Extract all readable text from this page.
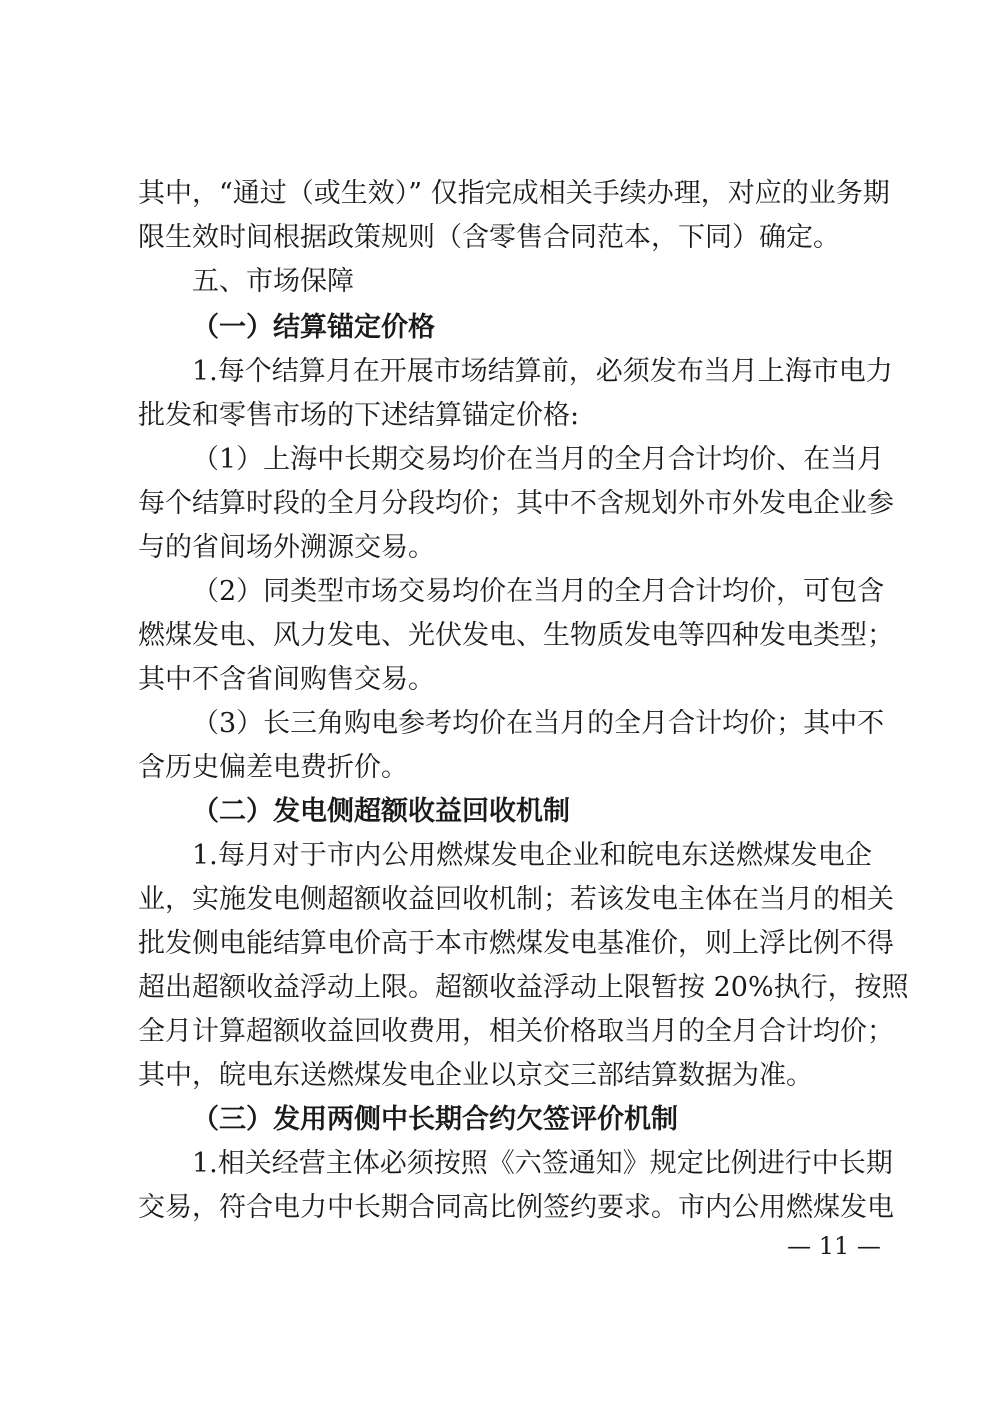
其中，“通过（或生效）” 仅指完成相关手续办理，对应的业务期
限生效时间根据政策规则（含零售合同范本，下同）确定。
五、市场保障
（一）结算锚定价格
1.每个结算月在开展市场结算前，必须发布当月上海市电力
批发和零售市场的下述结算锚定价格:
（1）上海中长期交易均价在当月的全月合计均价、在当月
每个结算时段的全月分段均价；其中不含规划外市外发电企业参
与的省间场外溯源交易。
（2）同类型市场交易均价在当月的全月合计均价，可包含
燃煤发电、风力发电、光伏发电、生物质发电等四种发电类型；
其中不含省间购售交易。
（3）长三角购电参考均价在当月的全月合计均价；其中不
含历史偏差电费折价。
（二）发电侧超额收益回收机制
1.每月对于市内公用燃煤发电企业和皖电东送燃煤发电企
业，实施发电侧超额收益回收机制；若该发电主体在当月的相关
批发侧电能结算电价高于本市燃煤发电基准价，则上浮比例不得
超出超额收益浮动上限。超额收益浮动上限暂按 20%执行，按照
全月计算超额收益回收费用，相关价格取当月的全月合计均价；
其中，皖电东送燃煤发电企业以京交三部结算数据为准。
（三）发用两侧中长期合约欠签评价机制
1.相关经营主体必须按照《六签通知》规定比例进行中长期
交易，符合电力中长期合同高比例签约要求。市内公用燃煤发电
— 11 —
